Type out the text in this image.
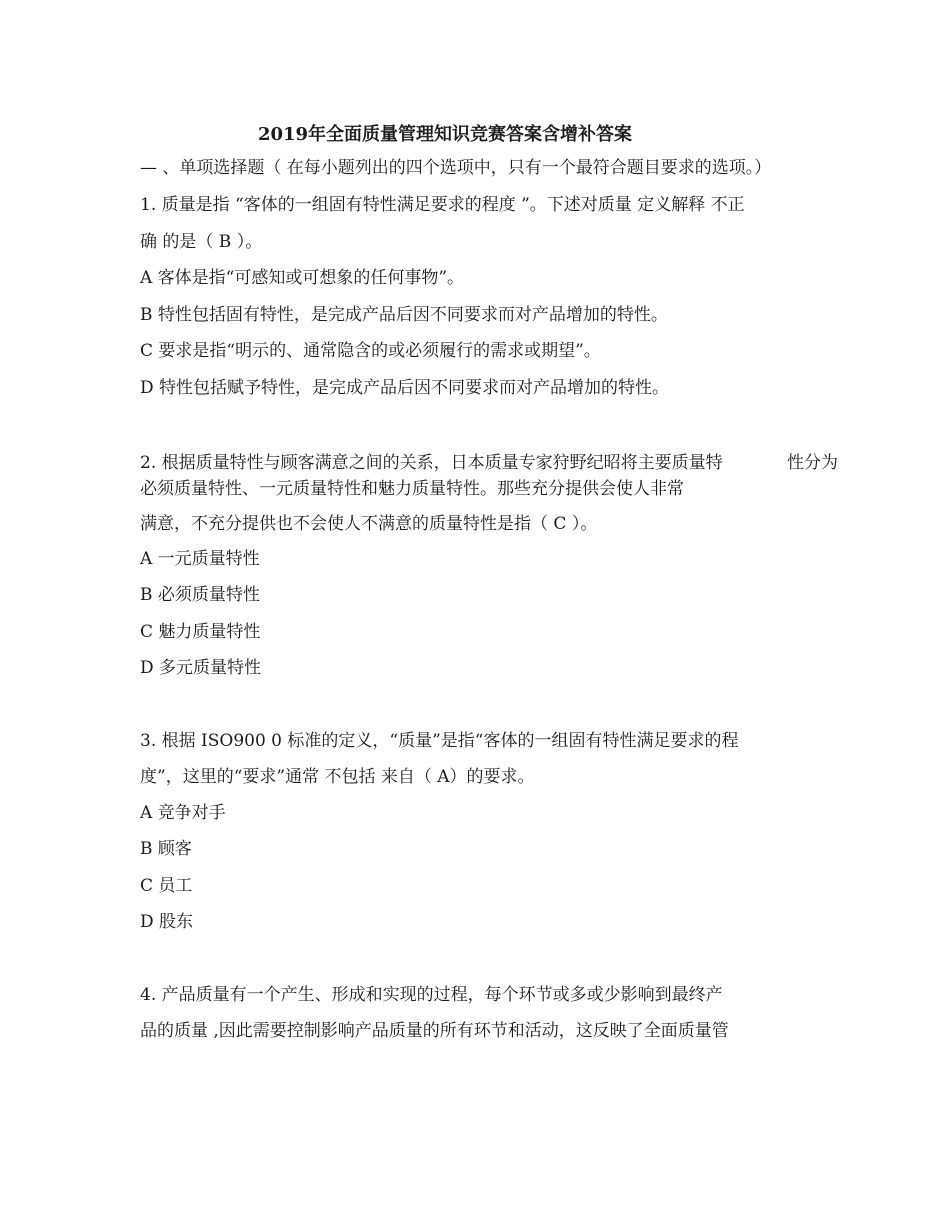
2019年全面质量管理知识竞赛答案含增补答案
— 、单项选择题（ 在每小题列出的四个选项中，只有一个最符合题目要求的选项。）
1. 质量是指 “客体的一组固有特性满足要求的程度 ”。下述对质量 定义解释 不正
确 的是（ B ）。
A 客体是指“可感知或可想象的任何事物”。
B 特性包括固有特性，是完成产品后因不同要求而对产品增加的特性。
C 要求是指“明示的、通常隐含的或必须履行的需求或期望”。
D 特性包括赋予特性，是完成产品后因不同要求而对产品增加的特性。
2. 根据质量特性与顾客满意之间的关系，日本质量专家狩野纪昭将主要质量特	性分为
必须质量特性、一元质量特性和魅力质量特性。那些充分提供会使人非常
满意，不充分提供也不会使人不满意的质量特性是指（ C ）。
A 一元质量特性
B 必须质量特性
C 魅力质量特性
D 多元质量特性
3. 根据 ISO900 0 标准的定义，“质量”是指“客体的一组固有特性满足要求的程
度”，这里的“要求”通常 不包括 来自（ A）的要求。
A 竞争对手
B 顾客
C 员工
D 股东
4. 产品质量有一个产生、形成和实现的过程，每个环节或多或少影响到最终产
品的质量 ,因此需要控制影响产品质量的所有环节和活动，这反映了全面质量管
